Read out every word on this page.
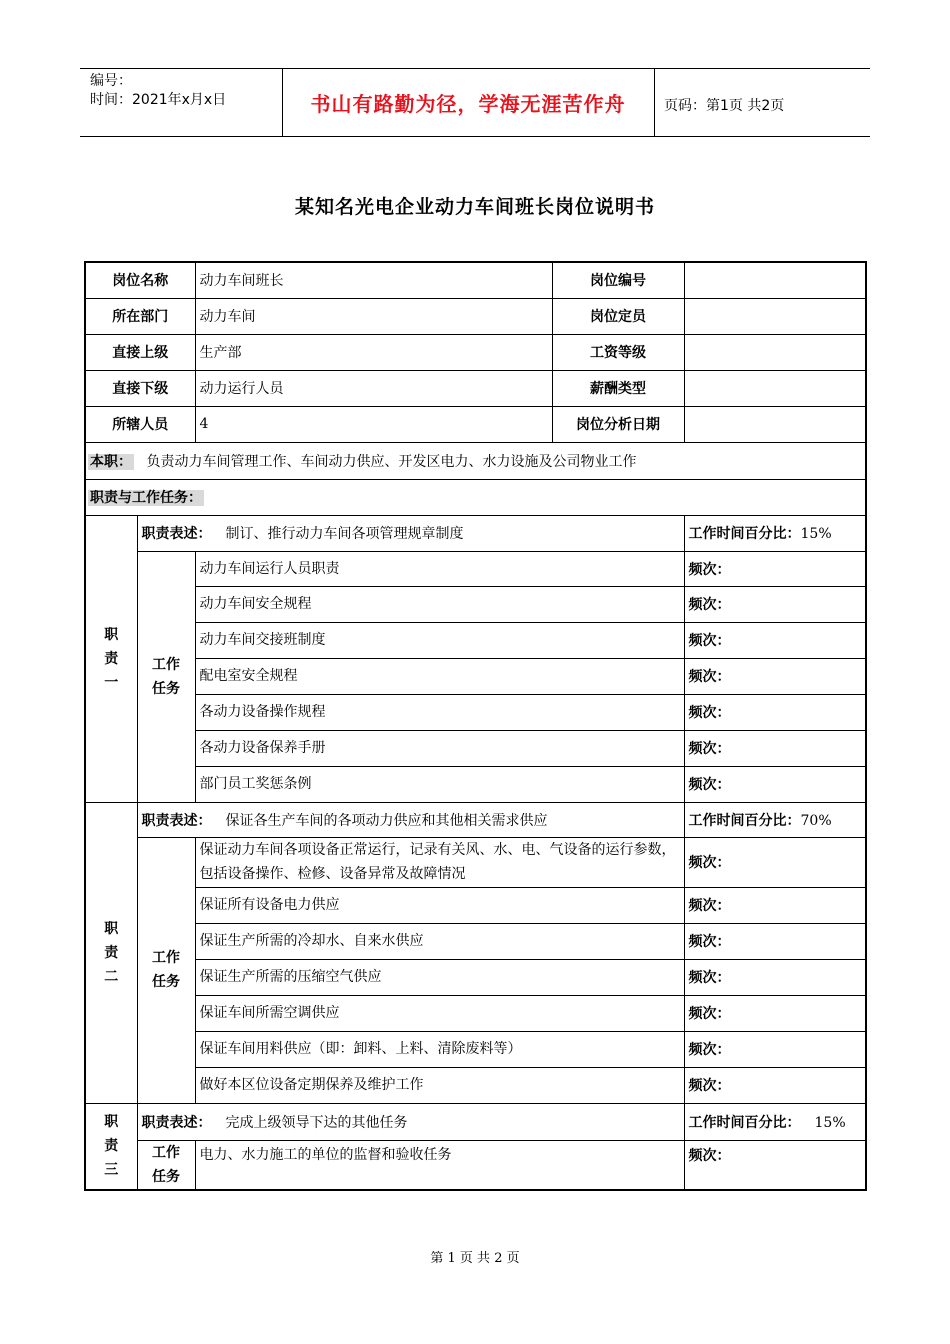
编号：
时间：2021年x月x日	书山有路勤为径，学海无涯苦作舟	页码：第1页 共2页
某知名光电企业动力车间班长岗位说明书
岗位名称		动力车间班长	岗位编号	
所在部门		动力车间	岗位定员	
直接上级		生产部	工资等级	
直接下级		动力运行人员	薪酬类型	
所辖人员		4	岗位分析日期	
本职： 负责动力车间管理工作、车间动力供应、开发区电力、水力设施及公司物业工作				
职责与工作任务：				

职
责
一	职责表述： 制订、推行动力车间各项管理规章制度			工作时间百分比：15%

	工作
任务	动力车间运行人员职责		频次：
		动力车间安全规程		频次：
		动力车间交接班制度		频次：
		配电室安全规程		频次：
		各动力设备操作规程		频次：
		各动力设备保养手册		频次：
		部门员工奖惩条例		频次：

职
责
二	职责表述： 保证各生产车间的各项动力供应和其他相关需求供应			工作时间百分比：70%

	工作
任务	保证动力车间各项设备正常运行，记录有关风、水、电、气设备的运行参数，包括设备操作、检修、设备异常及故障情况		频次：
		保证所有设备电力供应		频次：
		保证生产所需的冷却水、自来水供应		频次：
		保证生产所需的压缩空气供应		频次：
		保证车间所需空调供应		频次：
		保证车间用料供应（即：卸料、上料、清除废料等）		频次：
		做好本区位设备定期保养及维护工作		频次：

职
责
三	职责表述： 完成上级领导下达的其他任务			工作时间百分比： 15%

	工作
任务	电力、水力施工的单位的监督和验收任务		频次：
第 1 页 共 2 页
